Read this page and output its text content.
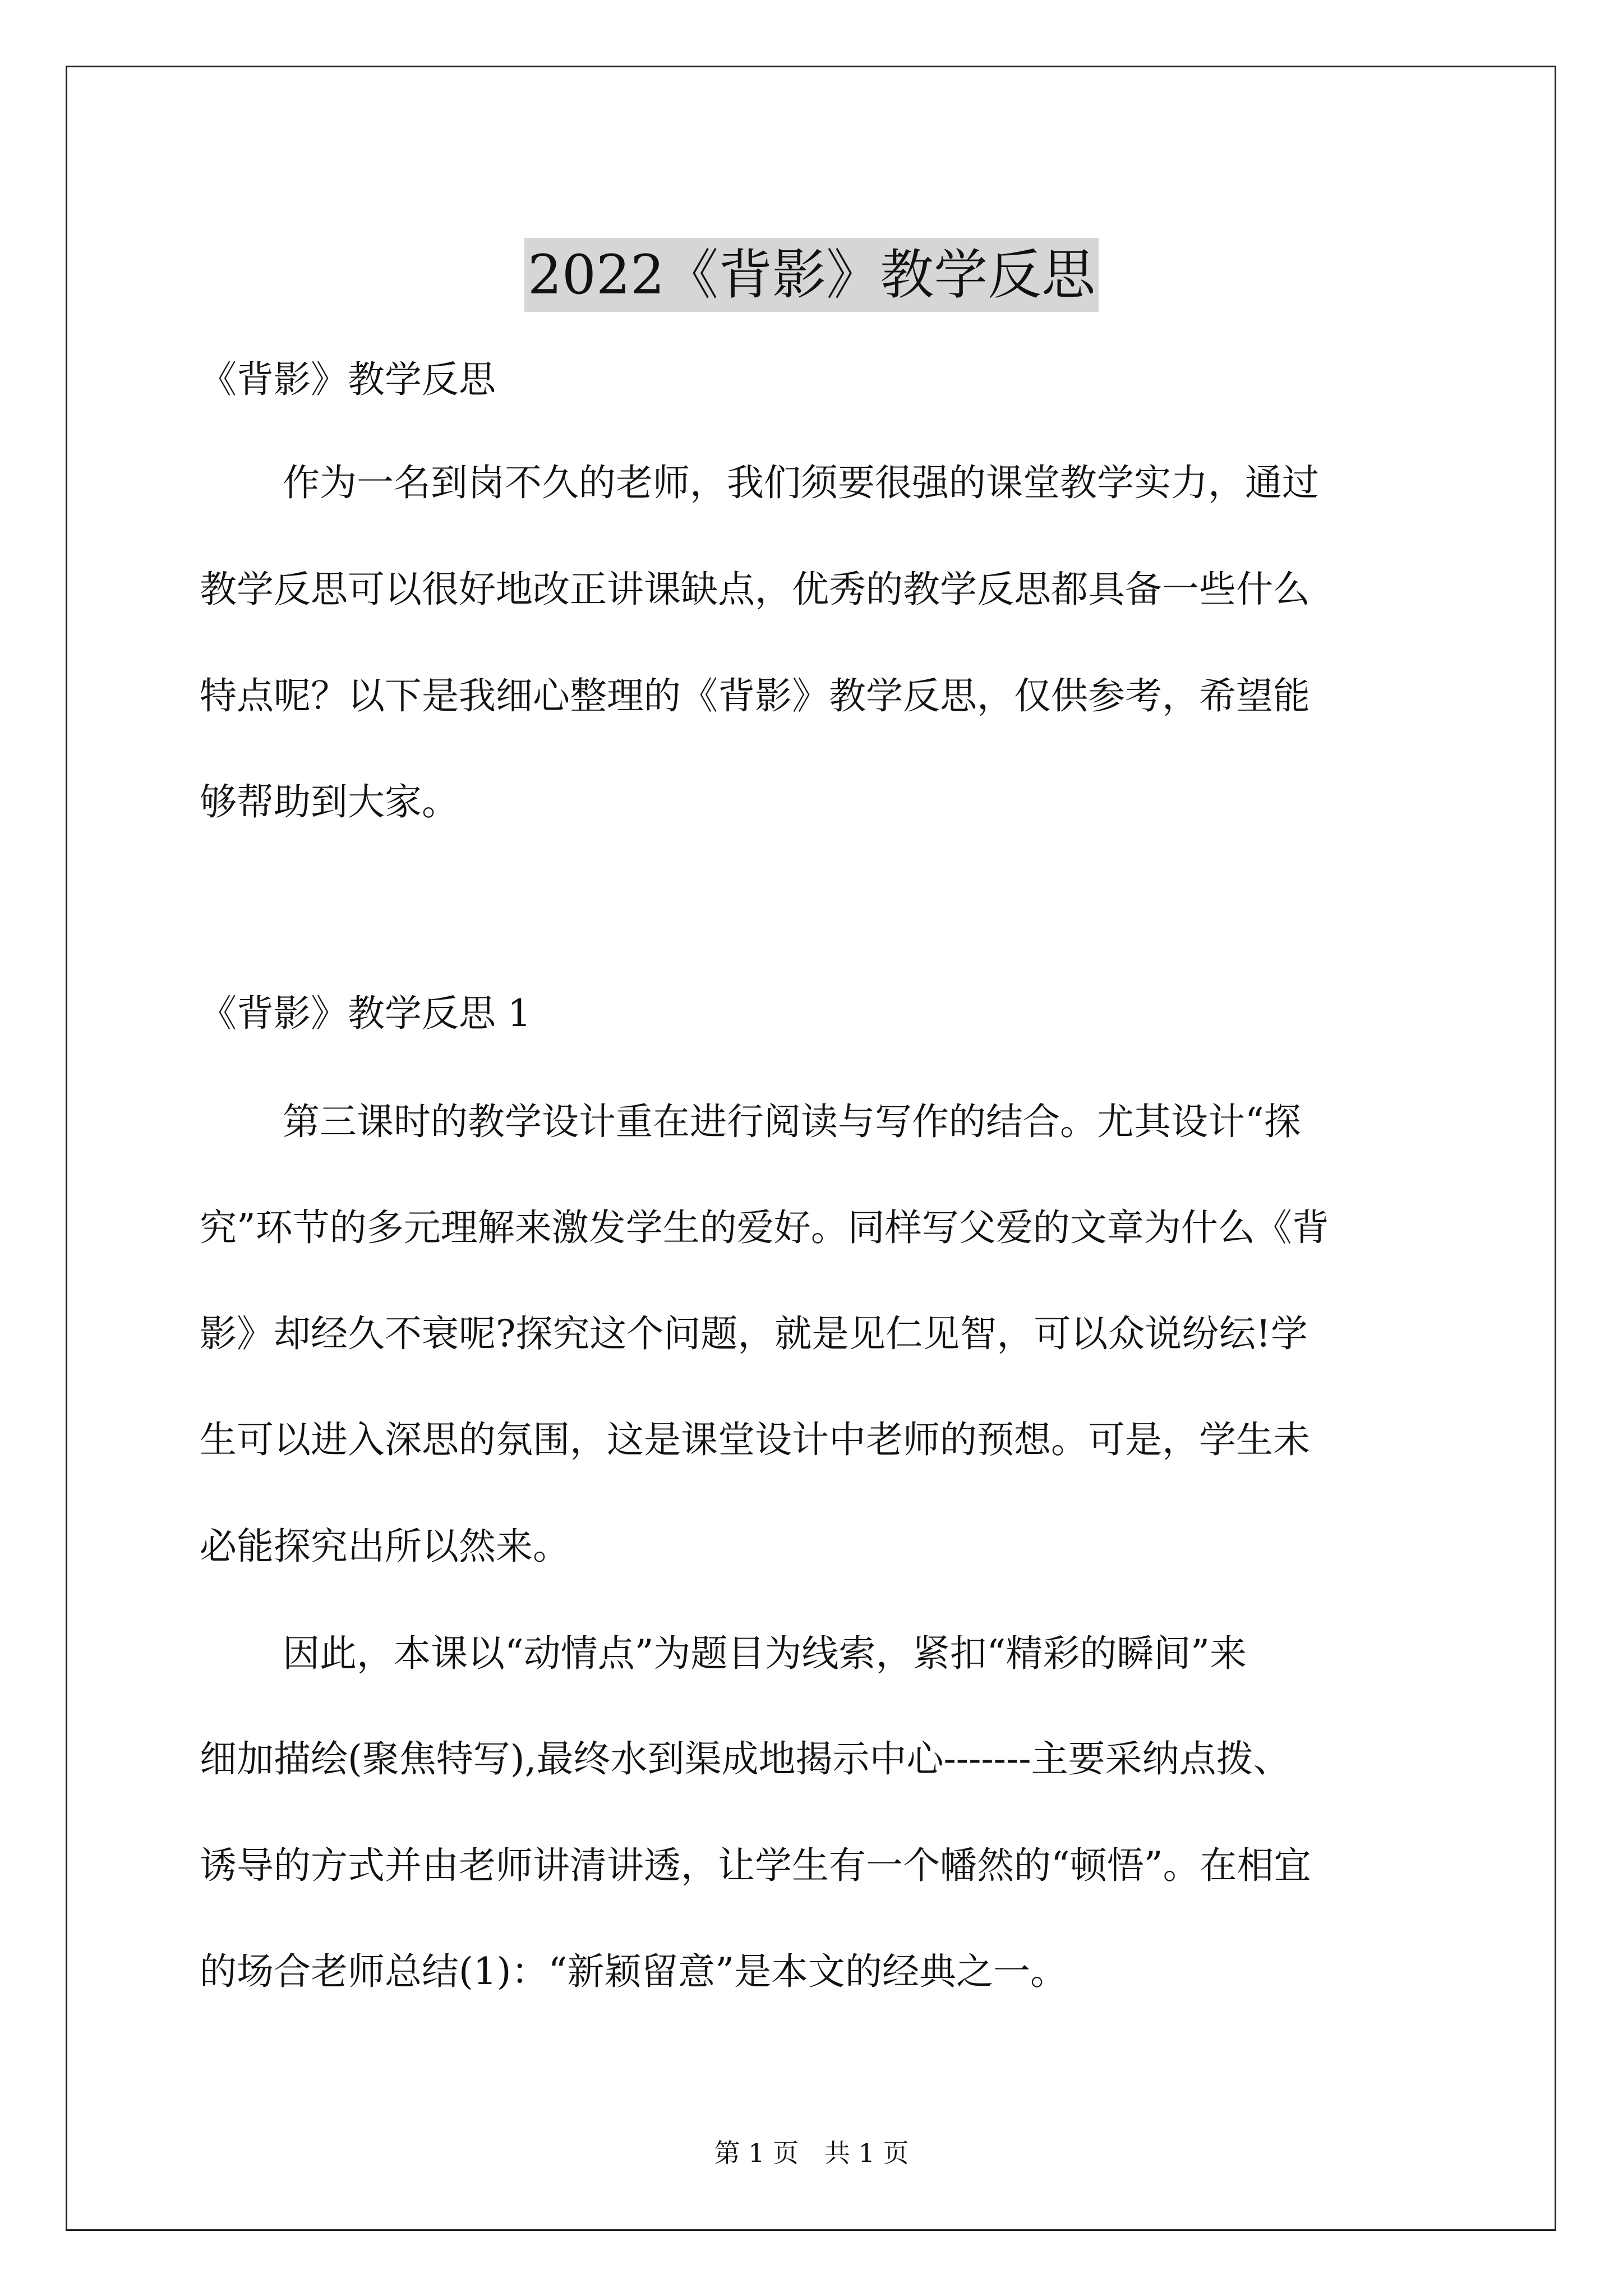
2022《背影》教学反思
《背影》教学反思
作为一名到岗不久的老师，我们须要很强的课堂教学实力，通过
教学反思可以很好地改正讲课缺点，优秀的教学反思都具备一些什么
特点呢？以下是我细心整理的《背影》教学反思，仅供参考，希望能
够帮助到大家。
《背影》教学反思 1
第三课时的教学设计重在进行阅读与写作的结合。尤其设计“探
究”环节的多元理解来激发学生的爱好。同样写父爱的文章为什么《背
影》却经久不衰呢?探究这个问题，就是见仁见智，可以众说纷纭!学
生可以进入深思的氛围，这是课堂设计中老师的预想。可是，学生未
必能探究出所以然来。
因此，本课以“动情点”为题目为线索，紧扣“精彩的瞬间”来
细加描绘(聚焦特写),最终水到渠成地揭示中心-------主要采纳点拨、
诱导的方式并由老师讲清讲透，让学生有一个幡然的“顿悟”。在相宜
的场合老师总结(1)：“新颖留意”是本文的经典之一。
第 1 页　共 1 页
